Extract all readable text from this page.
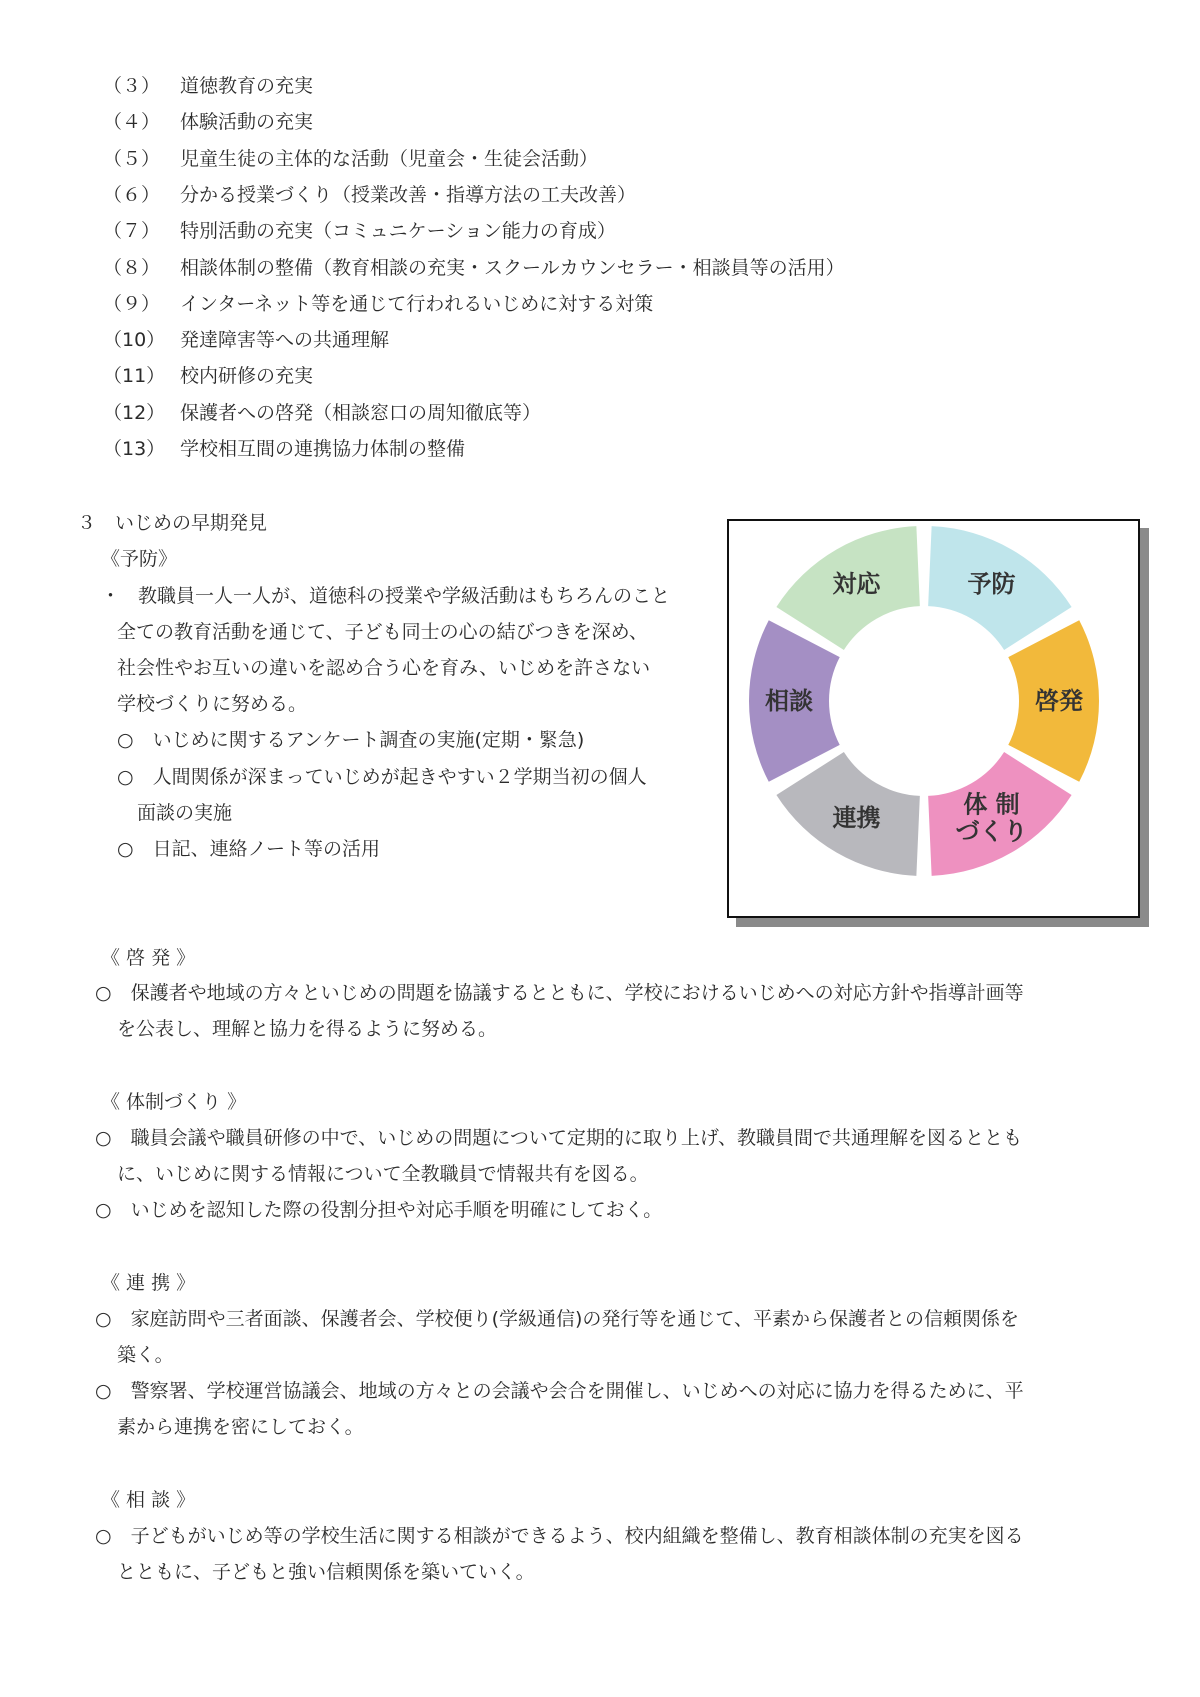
（３）	道徳教育の充実
（４）	体験活動の充実
（５）	児童生徒の主体的な活動（児童会・生徒会活動）
（６）	分かる授業づくり（授業改善・指導方法の工夫改善）
（７）	特別活動の充実（コミュニケーション能力の育成）
（８）	相談体制の整備（教育相談の充実・スクールカウンセラー・相談員等の活用）
（９）	インターネット等を通じて行われるいじめに対する対策
（10） 発達障害等への共通理解
（11） 校内研修の充実
（12） 保護者への啓発（相談窓口の周知徹底等）
（13） 学校相互間の連携協力体制の整備
３　いじめの早期発見
《予防》
・ 教職員一人一人が、道徳科の授業や学級活動はもちろんのこと
全ての教育活動を通じて、子ども同士の心の結びつきを深め、
社会性やお互いの違いを認め合う心を育み、いじめを許さない
学校づくりに努める。
○　いじめに関するアンケート調査の実施(定期・緊急)
○　人間関係が深まっていじめが起きやすい２学期当初の個人
面談の実施
○　日記、連絡ノート等の活用
予防
啓発
体 制づくり
連携
相談
対応
《 啓 発 》
○　保護者や地域の方々といじめの問題を協議するとともに、学校におけるいじめへの対応方針や指導計画等
を公表し、理解と協力を得るように努める。
《 体制づくり 》
○　職員会議や職員研修の中で、いじめの問題について定期的に取り上げ、教職員間で共通理解を図るととも
に、いじめに関する情報について全教職員で情報共有を図る。
○　いじめを認知した際の役割分担や対応手順を明確にしておく。
《 連 携 》
○　家庭訪問や三者面談、保護者会、学校便り(学級通信)の発行等を通じて、平素から保護者との信頼関係を
築く。
○　警察署、学校運営協議会、地域の方々との会議や会合を開催し、いじめへの対応に協力を得るために、平
素から連携を密にしておく。
《 相 談 》
○　子どもがいじめ等の学校生活に関する相談ができるよう、校内組織を整備し、教育相談体制の充実を図る
とともに、子どもと強い信頼関係を築いていく。
